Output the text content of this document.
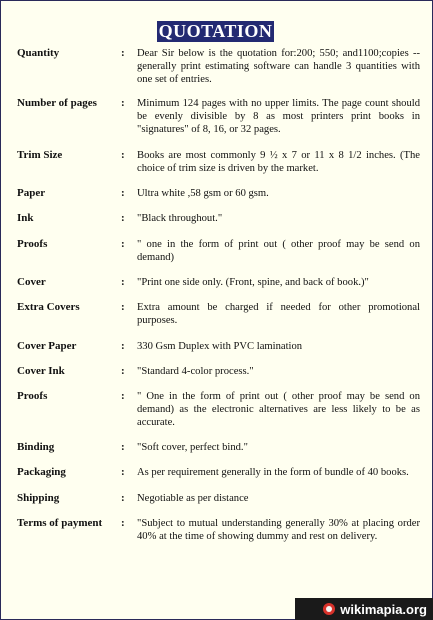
QUOTATION
Quantity	: Dear Sir below is the quotation for:200; 550; and1100;copies -- generally print estimating software can handle 3 quantities with one set of entries.
Number of pages : Minimum 124 pages with no upper limits. The page count should be evenly divisible by 8 as most printers print books in "signatures" of 8, 16, or 32 pages.
Trim Size	: Books are most commonly 9 ½ x 7 or 11 x 8 1/2 inches. (The choice of trim size is driven by the market.
Paper	: Ultra white ,58 gsm or 60 gsm.
Ink	: "Black throughout."
Proofs	: " one in the form of print out ( other proof may be send on demand)
Cover	: "Print one side only. (Front, spine, and back of book.)"
Extra Covers	: Extra amount be charged if needed for other promotional purposes.
Cover Paper	: 330 Gsm Duplex with PVC lamination
Cover Ink	: "Standard 4-color process."
Proofs	: " One in the form of print out ( other proof may be send on demand) as the electronic alternatives are less likely to be as accurate.
Binding	: "Soft cover, perfect bind."
Packaging	: As per requirement generally in the form of bundle of 40 books.
Shipping	: Negotiable as per distance
Terms of payment : "Subject to mutual understanding generally 30% at placing order 40% at the time of showing dummy and rest on delivery.
wikimapia.org
